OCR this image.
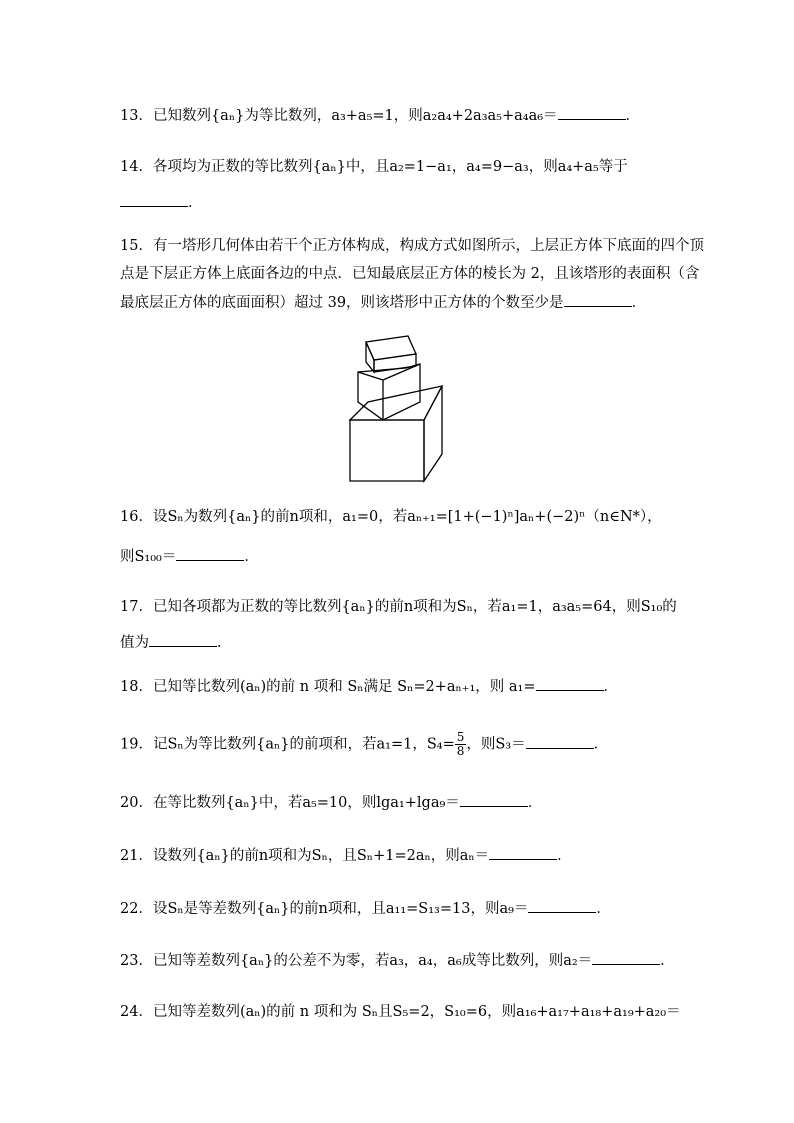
13．已知数列{aₙ}为等比数列，a₃+a₅=1，则a₂a₄+2a₃a₅+a₄a₆＝	．
14．各项均为正数的等比数列{aₙ}中，且a₂=1−a₁，a₄=9−a₃，则a₄+a₅等于
．
15．有一塔形几何体由若干个正方体构成，构成方式如图所示，上层正方体下底面的四个顶
点是下层正方体上底面各边的中点．已知最底层正方体的棱长为 2，且该塔形的表面积（含
最底层正方体的底面面积）超过 39，则该塔形中正方体的个数至少是	．
16．设Sₙ为数列{aₙ}的前n项和，a₁=0，若aₙ₊₁=[1+(−1)ⁿ]aₙ+(−2)ⁿ（n∈N*），
则S₁₀₀＝	．
17．已知各项都为正数的等比数列{aₙ}的前n项和为Sₙ，若a₁=1，a₃a₅=64，则S₁₀的
值为	．
18．已知等比数列(aₙ)的前 n 项和 Sₙ满足 Sₙ=2+aₙ₊₁，则 a₁=	．
19．记Sₙ为等比数列{aₙ}的前项和，若a₁=1，$S_4= \frac{5}{8}$ ，则S₃＝	．
20．在等比数列{aₙ}中，若a₅=10，则lga₁+lga₉＝	．
21．设数列{aₙ}的前n项和为Sₙ，且Sₙ+1=2aₙ，则aₙ＝	．
22．设Sₙ是等差数列{aₙ}的前n项和，且a₁₁=S₁₃=13，则a₉＝	．
23．已知等差数列{aₙ}的公差不为零，若a₃，a₄，a₆成等比数列，则a₂＝	．
24．已知等差数列(aₙ)的前 n 项和为 Sₙ且S₅=2，S₁₀=6，则a₁₆+a₁₇+a₁₈+a₁₉+a₂₀＝
